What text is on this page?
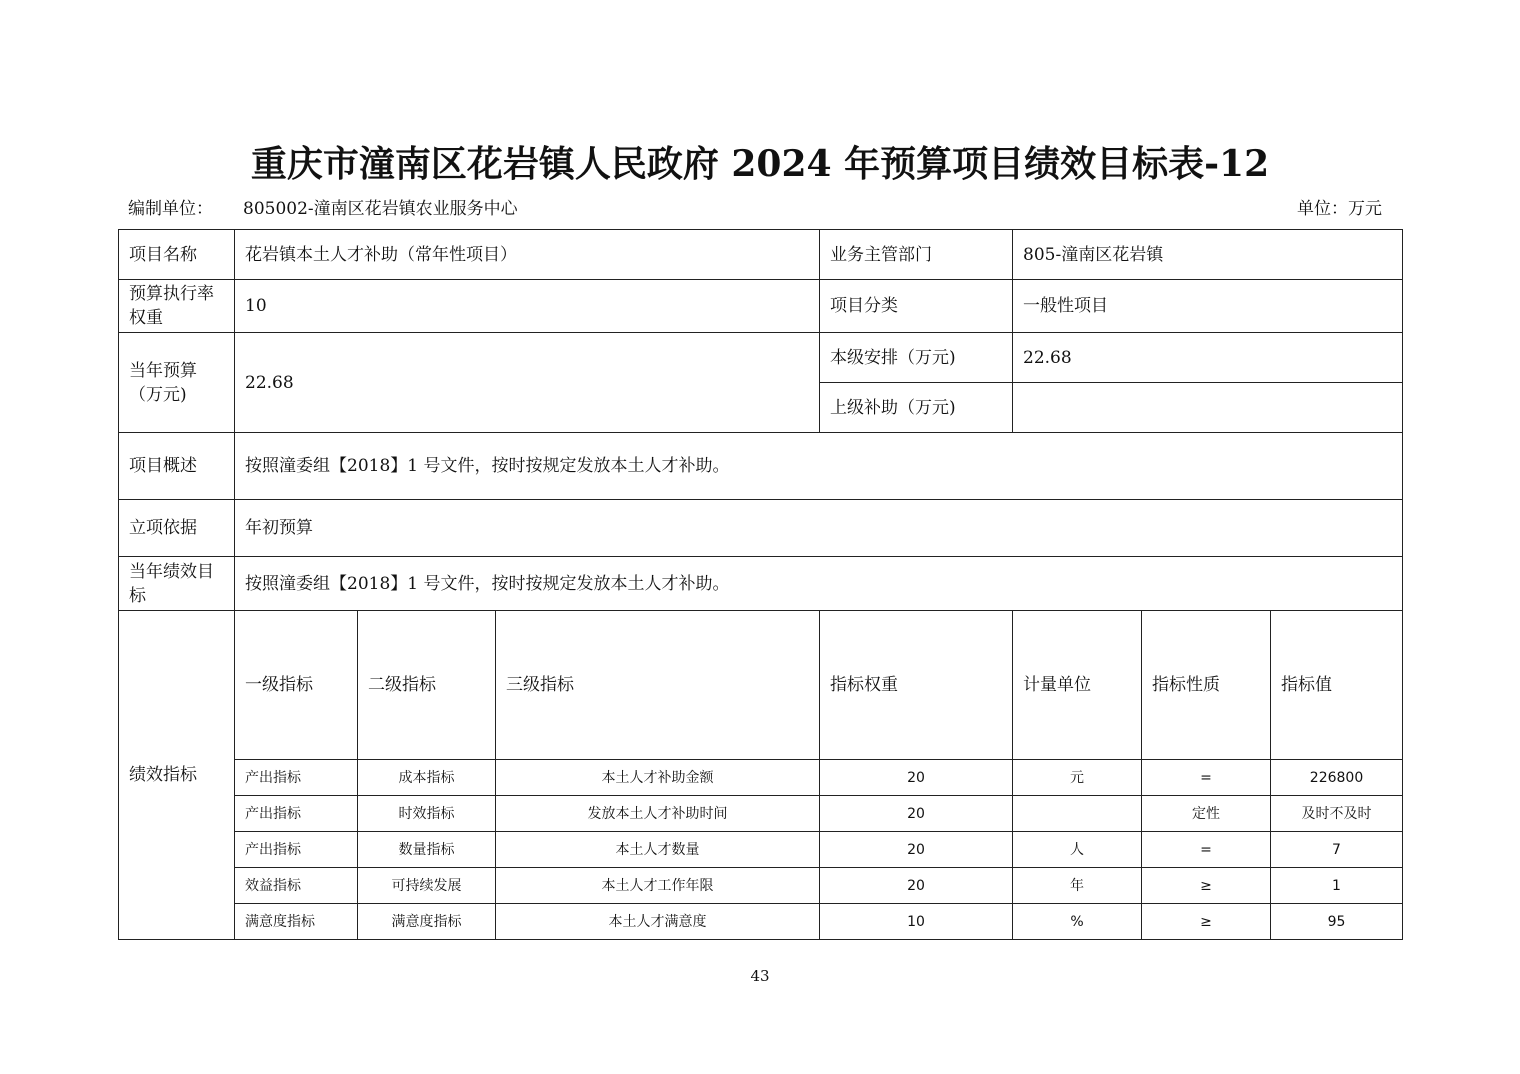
重庆市潼南区花岩镇人民政府 2024 年预算项目绩效目标表-12
编制单位： 805002-潼南区花岩镇农业服务中心	单位：万元
项目名称	花岩镇本土人才补助（常年性项目）			业务主管部门	805-潼南区花岩镇			
预算执行率权重	10			项目分类	一般性项目			
当年预算（万元)	22.68			本级安排（万元)	22.68			
				上级补助（万元)				
项目概述	按照潼委组【2018】1 号文件，按时按规定发放本土人才补助。							
立项依据	年初预算							
当年绩效目标	按照潼委组【2018】1 号文件，按时按规定发放本土人才补助。							
绩效指标	一级指标	二级指标	三级指标	指标权重	计量单位	指标性质	指标值	
	产出指标	成本指标	本土人才补助金额	20	元	=	226800	
	产出指标	时效指标	发放本土人才补助时间	20		定性	及时不及时	
	产出指标	数量指标	本土人才数量	20	人	=	7	
	效益指标	可持续发展	本土人才工作年限	20	年	≥	1	
	满意度指标	满意度指标	本土人才满意度	10	%	≥	95	
43
